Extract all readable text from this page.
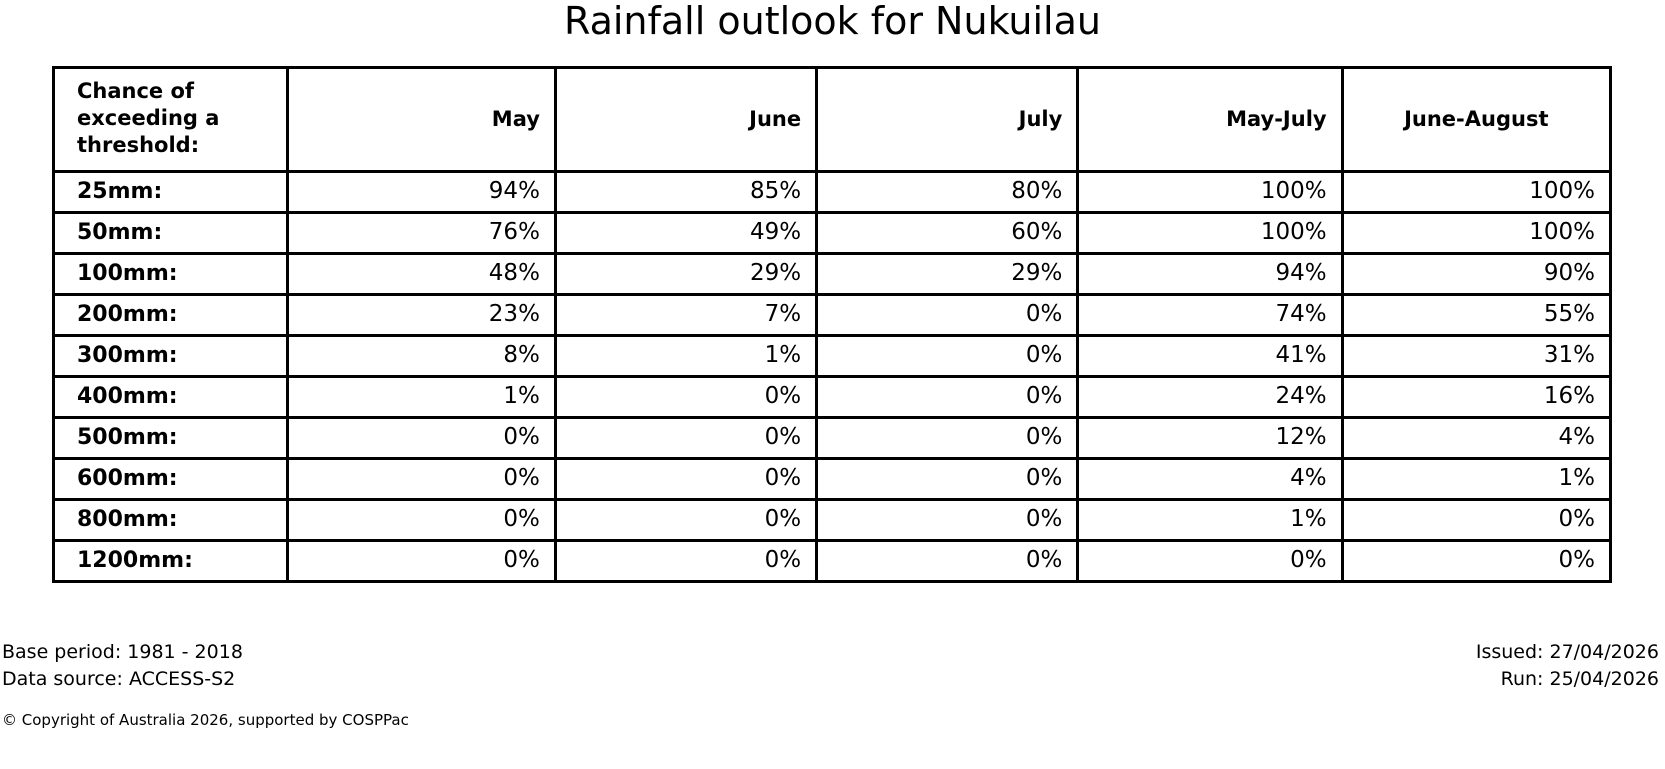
Rainfall outlook for Nukuilau
Chance of exceeding a threshold:	May	June	July	May-July	June-August
25mm:	94%	85%	80%	100%	100%
50mm:	76%	49%	60%	100%	100%
100mm:	48%	29%	29%	94%	90%
200mm:	23%	7%	0%	74%	55%
300mm:	8%	1%	0%	41%	31%
400mm:	1%	0%	0%	24%	16%
500mm:	0%	0%	0%	12%	4%
600mm:	0%	0%	0%	4%	1%
800mm:	0%	0%	0%	1%	0%
1200mm:	0%	0%	0%	0%	0%
Base period: 1981 - 2018
Data source: ACCESS-S2
Issued: 27/04/2026
Run: 25/04/2026
© Copyright of Australia 2026, supported by COSPPac
